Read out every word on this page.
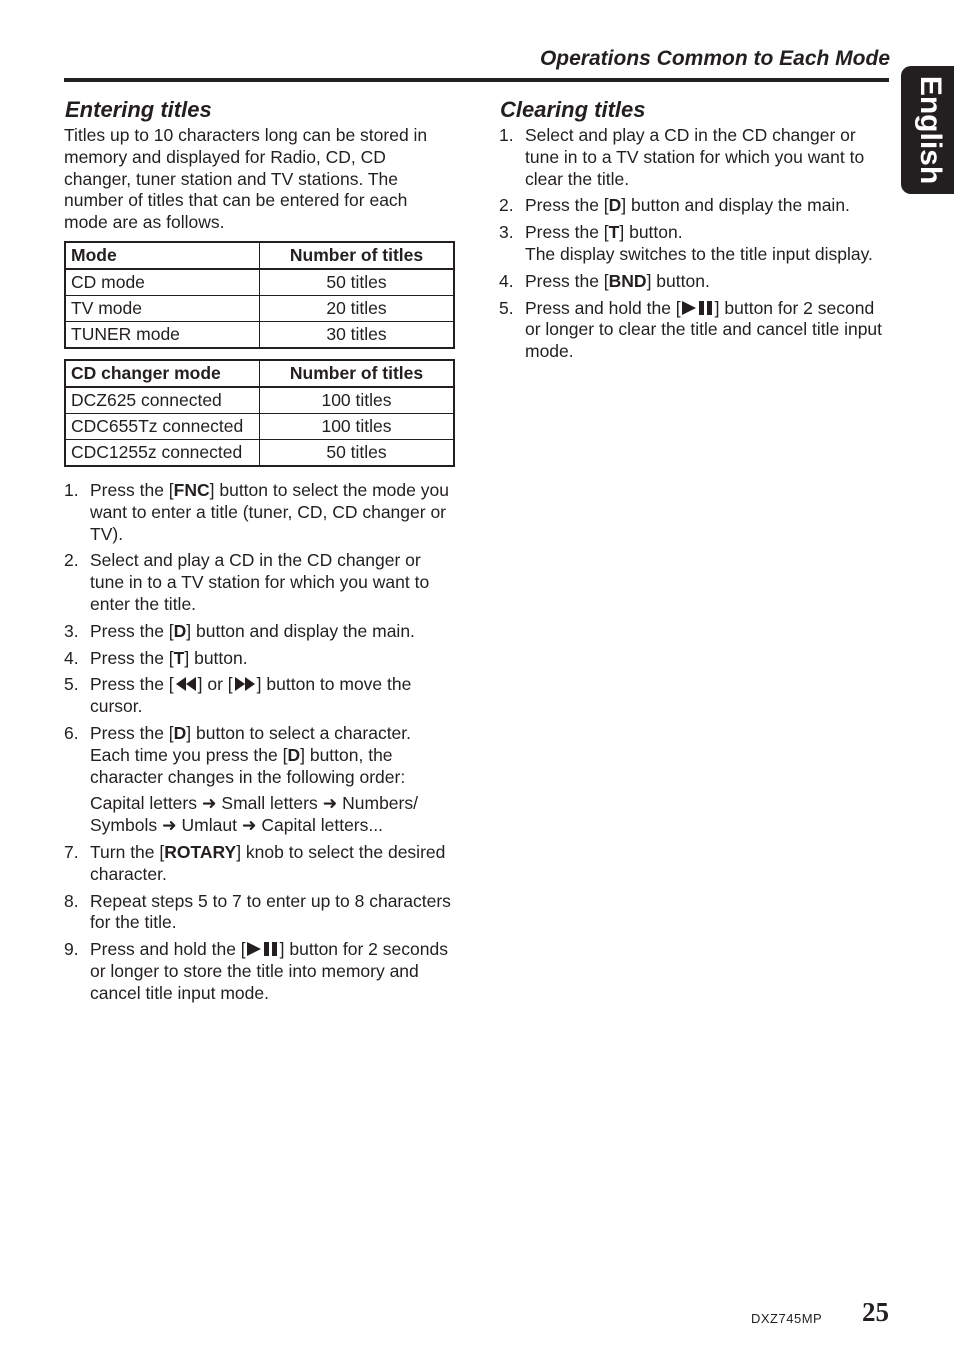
Operations Common to Each Mode
English
Entering titles

Titles up to 10 characters long can be stored in memory and displayed for Radio, CD, CD changer, tuner station and TV stations. The number of titles that can be entered for each mode are as follows.

Mode	Number of titles
CD mode	50 titles
TV mode	20 titles
TUNER mode	30 titles
CD changer mode	Number of titles
DCZ625 connected	100 titles
CDC655Tz connected	100 titles
CDC1255z connected	50 titles
1. Press the [FNC] button to select the mode you want to enter a title (tuner, CD, CD changer or TV).
2. Select and play a CD in the CD changer or tune in to a TV station for which you want to enter the title.
3. Press the [D] button and display the main.
4. Press the [T] button.
5. Press the [ ] or [ ] button to move the cursor.
6. Press the [D] button to select a character.
Each time you press the [D] button, the character changes in the following order:
Capital letters ➜ Small letters ➜ Numbers/ Symbols ➜ Umlaut ➜ Capital letters...
7. Turn the [ROTARY] knob to select the desired character.
8. Repeat steps 5 to 7 to enter up to 8 characters for the title.
9. Press and hold the [ ] button for 2 seconds or longer to store the title into memory and cancel title input mode.
Clearing titles
1. Select and play a CD in the CD changer or tune in to a TV station for which you want to clear the title.
2. Press the [D] button and display the main.
3. Press the [T] button.
The display switches to the title input display.
4. Press the [BND] button.
5. Press and hold the [ ] button for 2 second or longer to clear the title and cancel title input mode.
DXZ745MP 25
